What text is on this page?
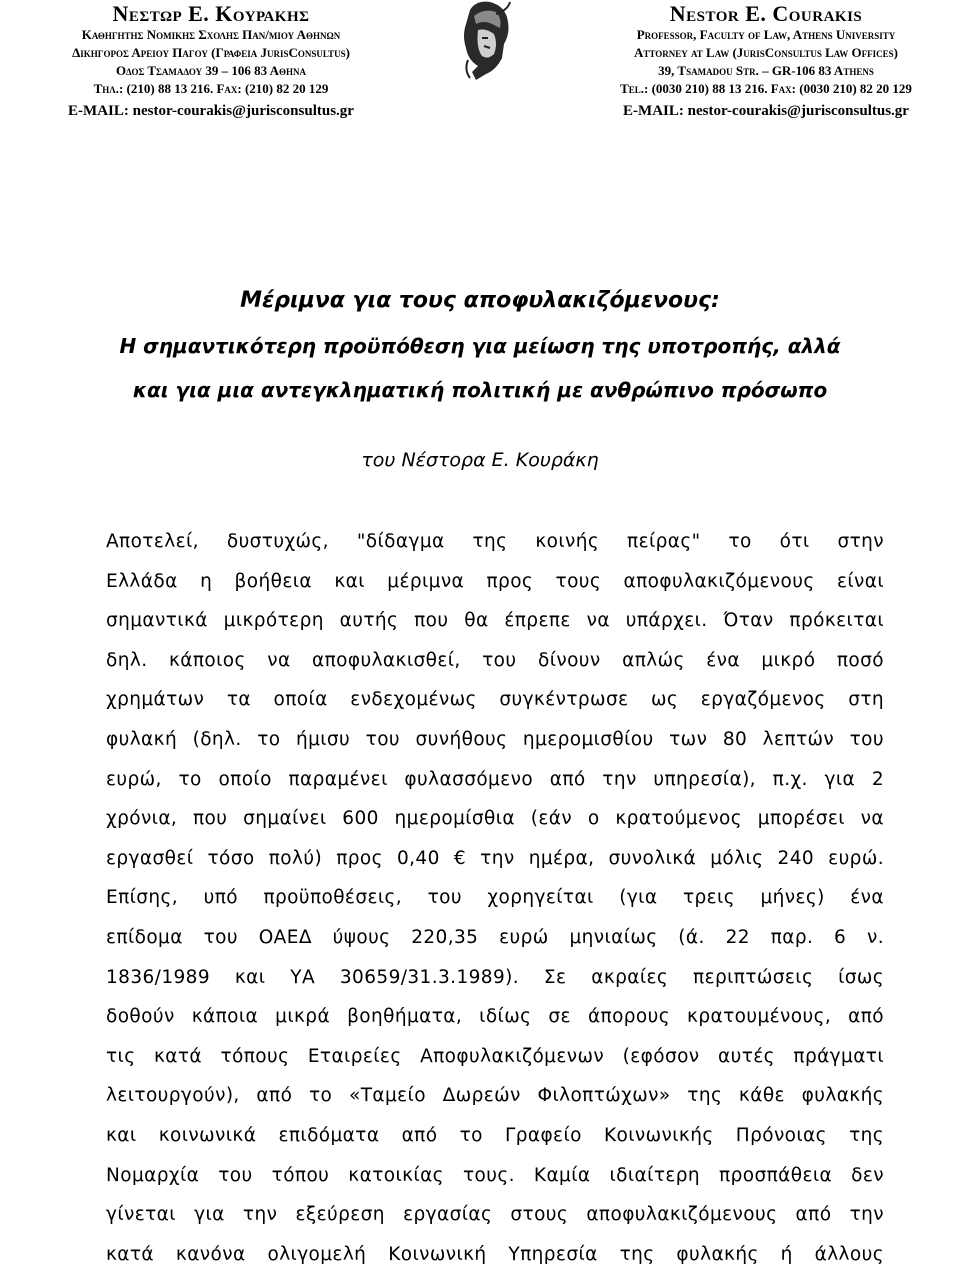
Νεστωρ Ε. Κουρακης
Καθηγητης Νομικης Σχολης Παν/μιου Αθηνων
Δικηγορος Αρειου Παγου (Γραφεια JurisConsultus)
Οδος Τσαμαδου 39 – 106 83 Αθηνα
Τηλ.: (210) 88 13 216. Fax: (210) 82 20 129
E-MAIL: nestor-courakis@jurisconsultus.gr
Nestor E. Courakis
Professor, Faculty of Law, Athens University
Attorney at Law (JurisConsultus Law Offices)
39, Tsamadou Str. – GR-106 83 Athens
Tel.: (0030 210) 88 13 216. Fax: (0030 210) 82 20 129
E-MAIL: nestor-courakis@jurisconsultus.gr
Μέριμνα για τους αποφυλακιζόμενους:
Η σημαντικότερη προϋπόθεση για μείωση της υποτροπής, αλλά
και για μια αντεγκληματική πολιτική με ανθρώπινο πρόσωπο
του Νέστορα Ε. Κουράκη
Αποτελεί, δυστυχώς, "δίδαγμα της κοινής πείρας" το ότι στην
Ελλάδα η βοήθεια και μέριμνα προς τους αποφυλακιζόμενους είναι
σημαντικά μικρότερη αυτής που θα έπρεπε να υπάρχει. Όταν πρόκειται
δηλ. κάποιος να αποφυλακισθεί, του δίνουν απλώς ένα μικρό ποσό
χρημάτων τα οποία ενδεχομένως συγκέντρωσε ως εργαζόμενος στη
φυλακή (δηλ. το ήμισυ του συνήθους ημερομισθίου των 80 λεπτών του
ευρώ, το οποίο παραμένει φυλασσόμενο από την υπηρεσία), π.χ. για 2
χρόνια, που σημαίνει 600 ημερομίσθια (εάν ο κρατούμενος μπορέσει να
εργασθεί τόσο πολύ) προς 0,40 € την ημέρα, συνολικά μόλις 240 ευρώ.
Επίσης, υπό προϋποθέσεις, του χορηγείται (για τρεις μήνες) ένα
επίδομα του ΟΑΕΔ ύψους 220,35 ευρώ μηνιαίως (ά. 22 παρ. 6 ν.
1836/1989 και ΥΑ 30659/31.3.1989). Σε ακραίες περιπτώσεις ίσως
δοθούν κάποια μικρά βοηθήματα, ιδίως σε άπορους κρατουμένους, από
τις κατά τόπους Εταιρείες Αποφυλακιζόμενων (εφόσον αυτές πράγματι
λειτουργούν), από το «Ταμείο Δωρεών Φιλοπτώχων» της κάθε φυλακής
και κοινωνικά επιδόματα από το Γραφείο Κοινωνικής Πρόνοιας της
Νομαρχία του τόπου κατοικίας τους. Καμία ιδιαίτερη προσπάθεια δεν
γίνεται για την εξεύρεση εργασίας στους αποφυλακιζόμενους από την
κατά κανόνα ολιγομελή Κοινωνική Υπηρεσία της φυλακής ή άλλους
